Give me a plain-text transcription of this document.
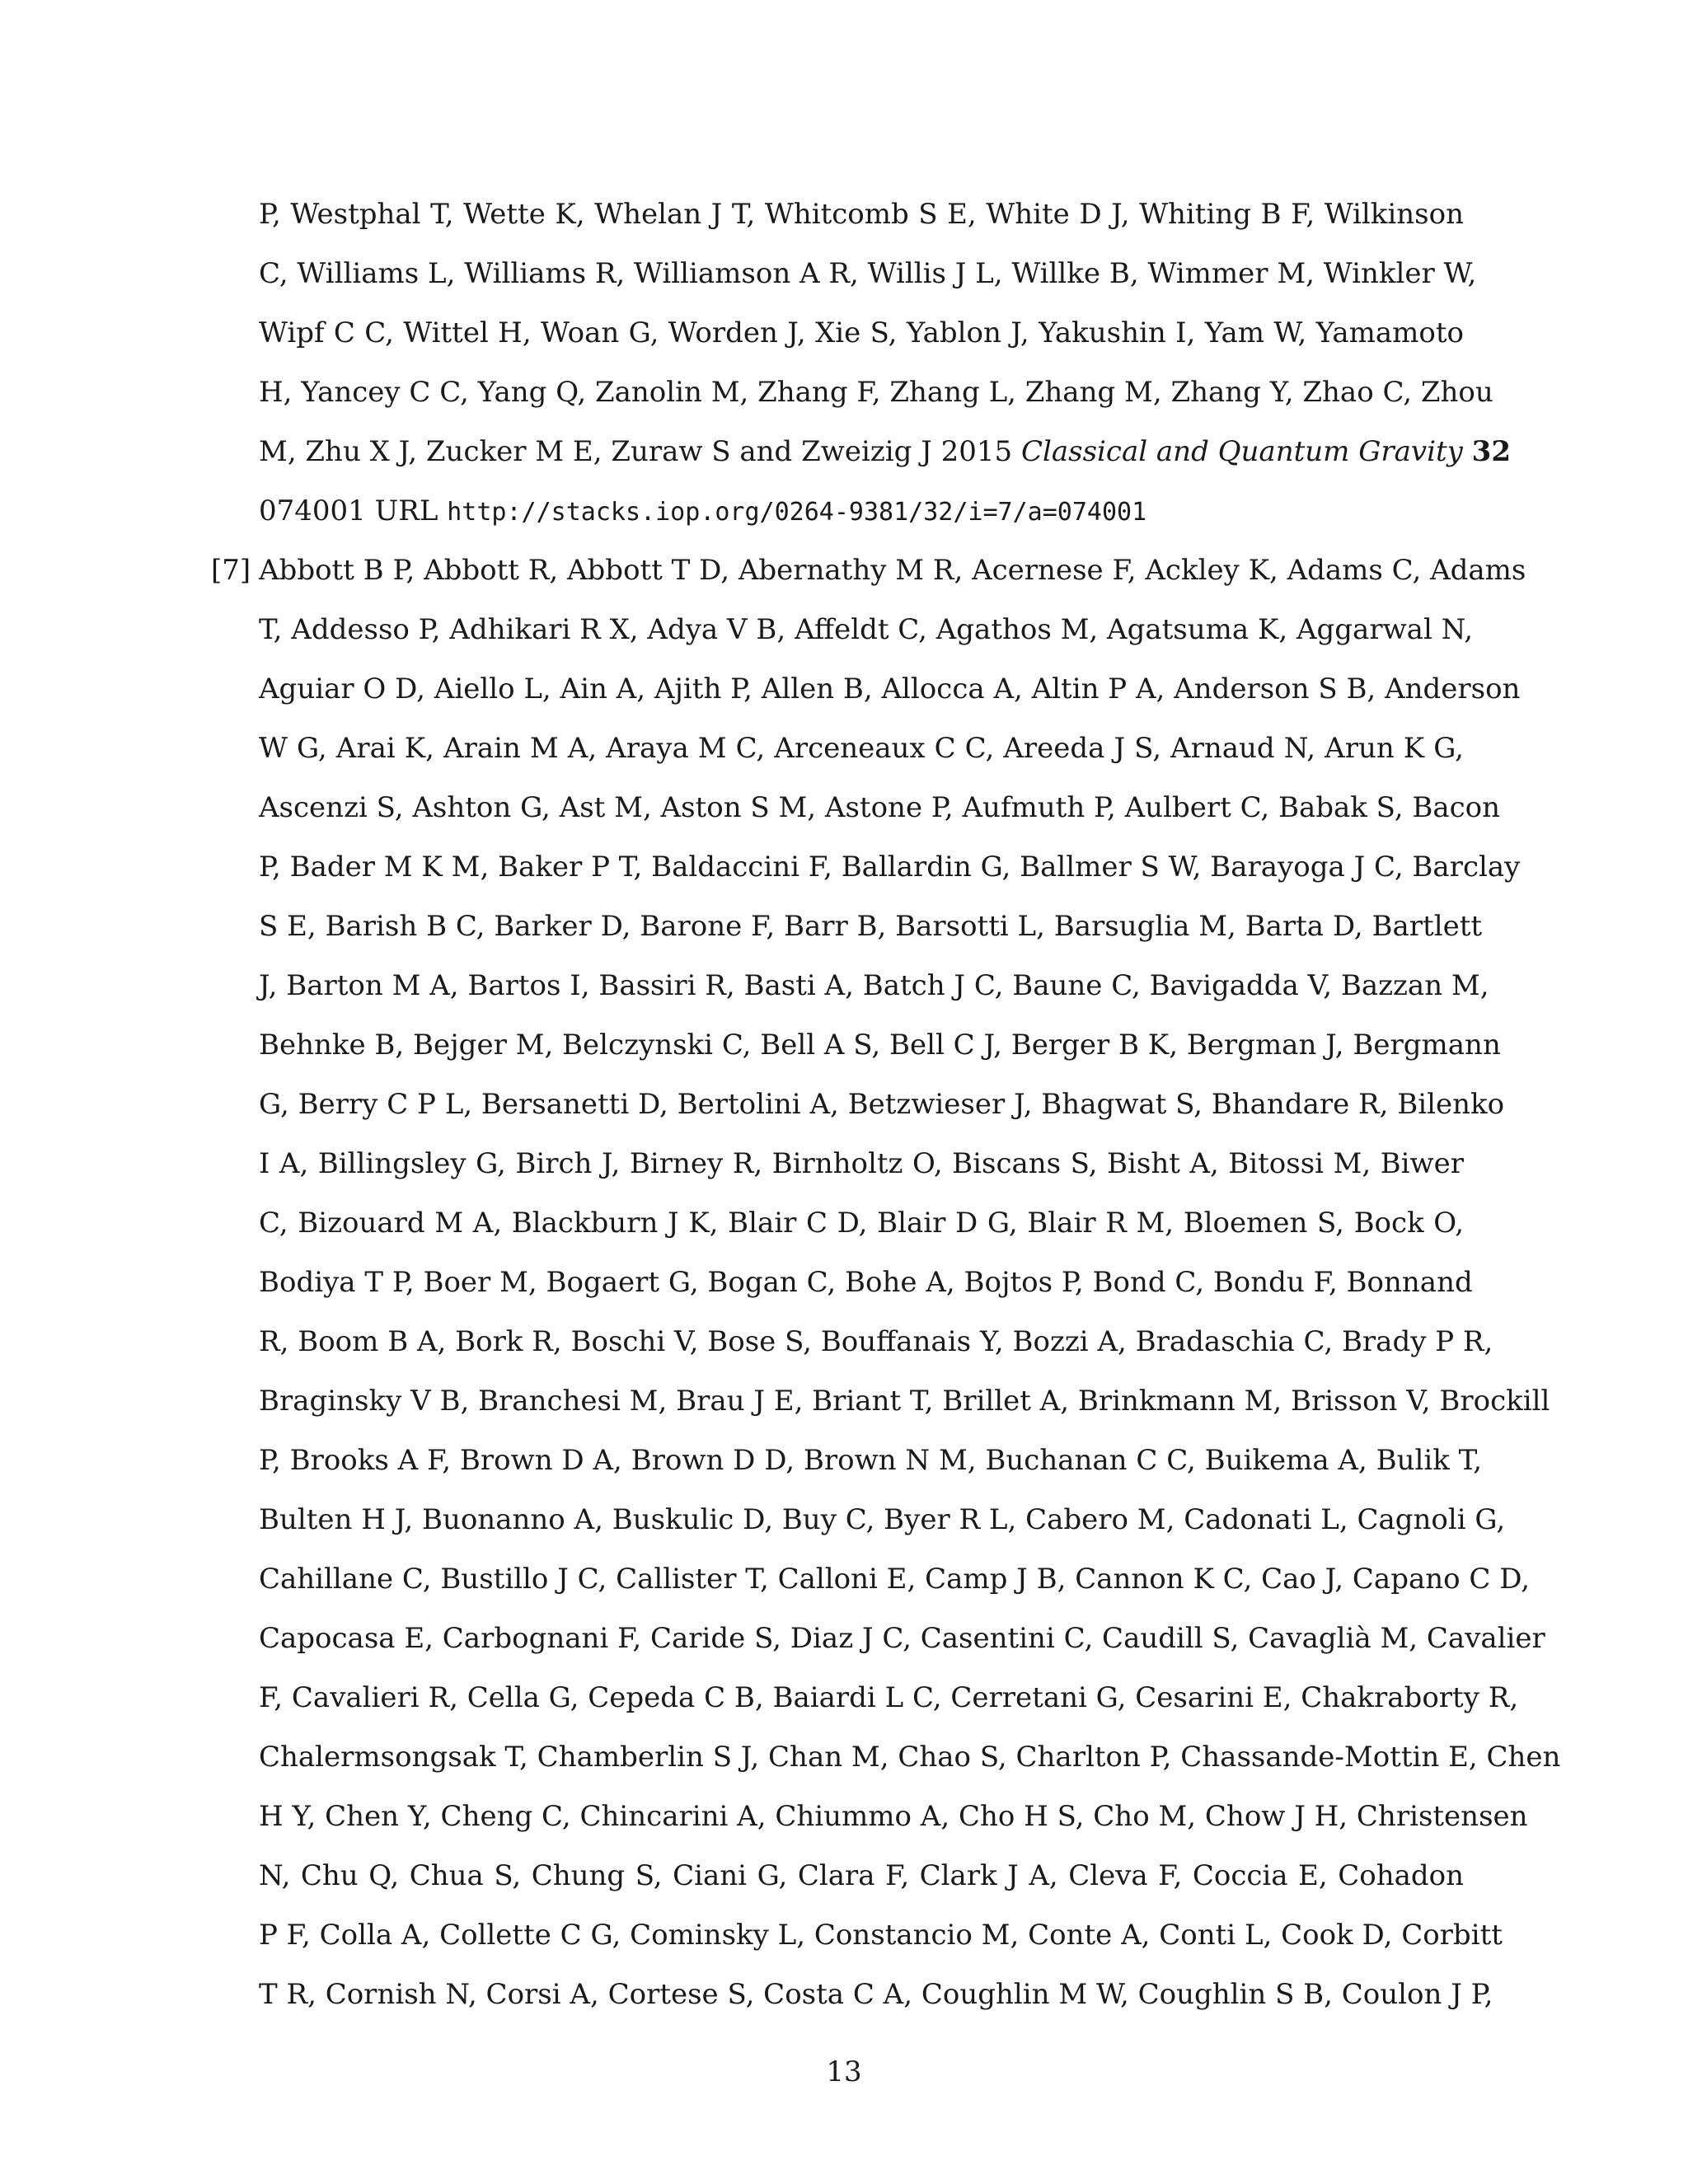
P, Westphal T, Wette K, Whelan J T, Whitcomb S E, White D J, Whiting B F, Wilkinson
C, Williams L, Williams R, Williamson A R, Willis J L, Willke B, Wimmer M, Winkler W,
Wipf C C, Wittel H, Woan G, Worden J, Xie S, Yablon J, Yakushin I, Yam W, Yamamoto
H, Yancey C C, Yang Q, Zanolin M, Zhang F, Zhang L, Zhang M, Zhang Y, Zhao C, Zhou
M, Zhu X J, Zucker M E, Zuraw S and Zweizig J 2015 Classical and Quantum Gravity 32
074001 URL http://stacks.iop.org/0264-9381/32/i=7/a=074001
Abbott B P, Abbott R, Abbott T D, Abernathy M R, Acernese F, Ackley K, Adams C, Adams
T, Addesso P, Adhikari R X, Adya V B, Affeldt C, Agathos M, Agatsuma K, Aggarwal N,
Aguiar O D, Aiello L, Ain A, Ajith P, Allen B, Allocca A, Altin P A, Anderson S B, Anderson
W G, Arai K, Arain M A, Araya M C, Arceneaux C C, Areeda J S, Arnaud N, Arun K G,
Ascenzi S, Ashton G, Ast M, Aston S M, Astone P, Aufmuth P, Aulbert C, Babak S, Bacon
P, Bader M K M, Baker P T, Baldaccini F, Ballardin G, Ballmer S W, Barayoga J C, Barclay
S E, Barish B C, Barker D, Barone F, Barr B, Barsotti L, Barsuglia M, Barta D, Bartlett
J, Barton M A, Bartos I, Bassiri R, Basti A, Batch J C, Baune C, Bavigadda V, Bazzan M,
Behnke B, Bejger M, Belczynski C, Bell A S, Bell C J, Berger B K, Bergman J, Bergmann
G, Berry C P L, Bersanetti D, Bertolini A, Betzwieser J, Bhagwat S, Bhandare R, Bilenko
I A, Billingsley G, Birch J, Birney R, Birnholtz O, Biscans S, Bisht A, Bitossi M, Biwer
C, Bizouard M A, Blackburn J K, Blair C D, Blair D G, Blair R M, Bloemen S, Bock O,
Bodiya T P, Boer M, Bogaert G, Bogan C, Bohe A, Bojtos P, Bond C, Bondu F, Bonnand
R, Boom B A, Bork R, Boschi V, Bose S, Bouffanais Y, Bozzi A, Bradaschia C, Brady P R,
Braginsky V B, Branchesi M, Brau J E, Briant T, Brillet A, Brinkmann M, Brisson V, Brockill
P, Brooks A F, Brown D A, Brown D D, Brown N M, Buchanan C C, Buikema A, Bulik T,
Bulten H J, Buonanno A, Buskulic D, Buy C, Byer R L, Cabero M, Cadonati L, Cagnoli G,
Cahillane C, Bustillo J C, Callister T, Calloni E, Camp J B, Cannon K C, Cao J, Capano C D,
Capocasa E, Carbognani F, Caride S, Diaz J C, Casentini C, Caudill S, Cavaglià M, Cavalier
F, Cavalieri R, Cella G, Cepeda C B, Baiardi L C, Cerretani G, Cesarini E, Chakraborty R,
Chalermsongsak T, Chamberlin S J, Chan M, Chao S, Charlton P, Chassande-Mottin E, Chen
H Y, Chen Y, Cheng C, Chincarini A, Chiummo A, Cho H S, Cho M, Chow J H, Christensen
N, Chu Q, Chua S, Chung S, Ciani G, Clara F, Clark J A, Cleva F, Coccia E, Cohadon
P F, Colla A, Collette C G, Cominsky L, Constancio M, Conte A, Conti L, Cook D, Corbitt
T R, Cornish N, Corsi A, Cortese S, Costa C A, Coughlin M W, Coughlin S B, Coulon J P,
[7]
13
